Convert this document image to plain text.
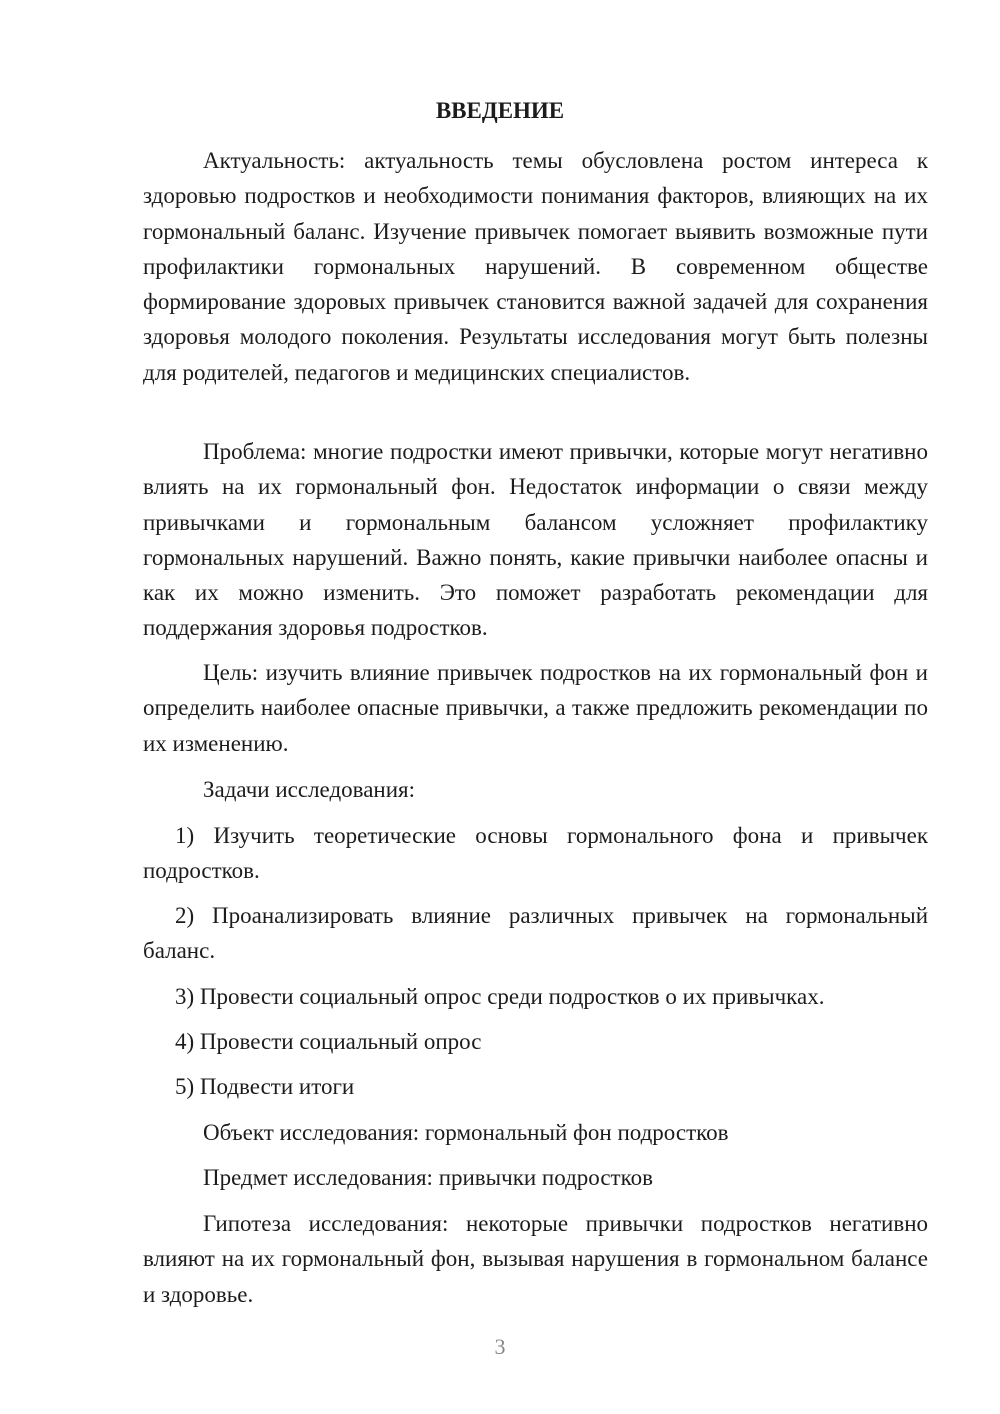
ВВЕДЕНИЕ

Актуальность: актуальность темы обусловлена ростом интереса к здоровью подростков и необходимости понимания факторов, влияющих на их гормональный баланс. Изучение привычек помогает выявить возможные пути профилактики гормональных нарушений. В современном обществе формирование здоровых привычек становится важной задачей для сохранения здоровья молодого поколения. Результаты исследования могут быть полезны для родителей, педагогов и медицинских специалистов.

Проблема: многие подростки имеют привычки, которые могут негативно влиять на их гормональный фон. Недостаток информации о связи между привычками и гормональным балансом усложняет профилактику гормональных нарушений. Важно понять, какие привычки наиболее опасны и как их можно изменить. Это поможет разработать рекомендации для поддержания здоровья подростков.

Цель: изучить влияние привычек подростков на их гормональный фон и определить наиболее опасные привычки, а также предложить рекомендации по их изменению.

Задачи исследования:

1) Изучить теоретические основы гормонального фона и привычек подростков.

2) Проанализировать влияние различных привычек на гормональный баланс.

3) Провести социальный опрос среди подростков о их привычках.

4) Провести социальный опрос

5) Подвести итоги

Объект исследования: гормональный фон подростков

Предмет исследования: привычки подростков

Гипотеза исследования: некоторые привычки подростков негативно влияют на их гормональный фон, вызывая нарушения в гормональном балансе и здоровье.

3
